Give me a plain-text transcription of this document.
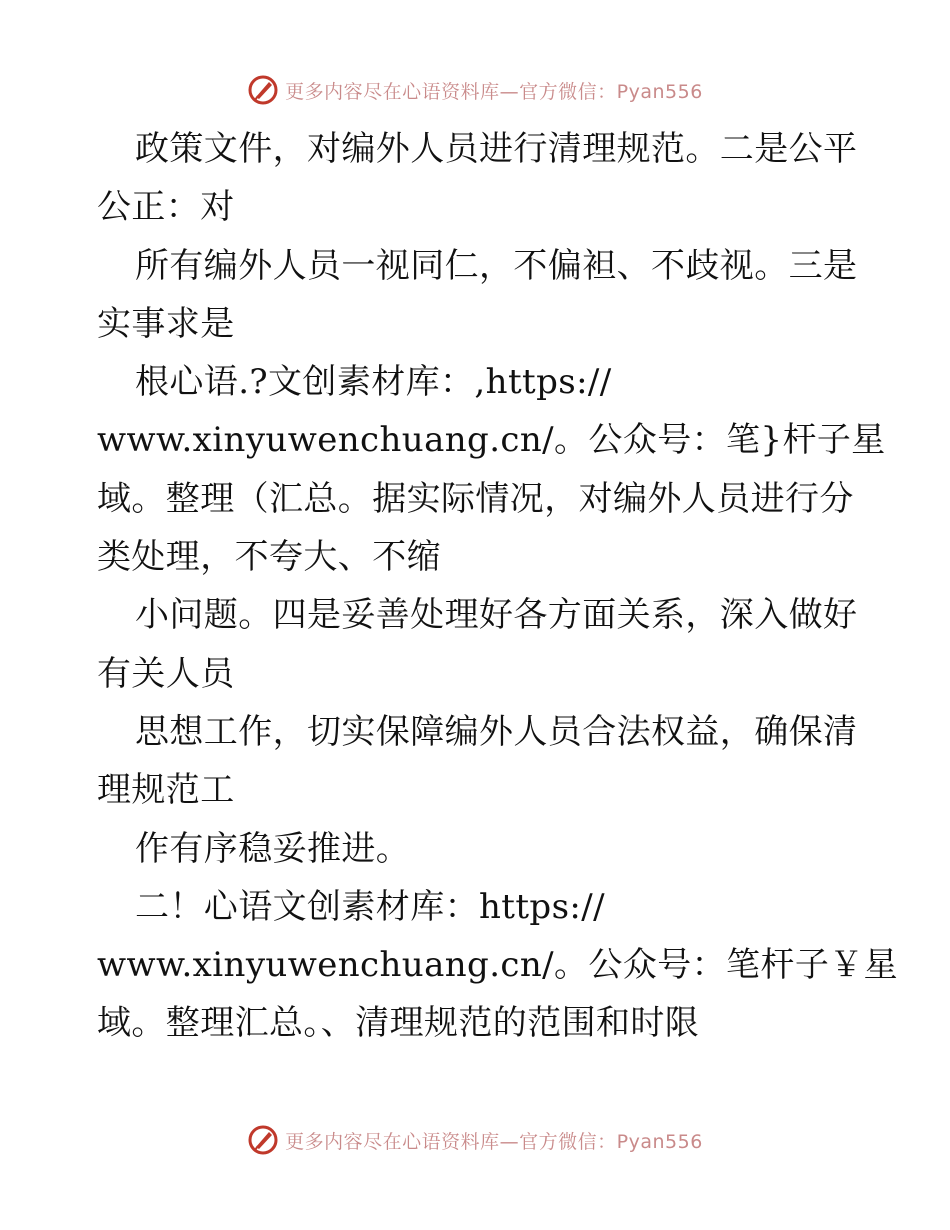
更多内容尽在心语资料库—官方微信：Pyan556
政策文件，对编外人员进行清理规范。二是公平
公正：对
所有编外人员一视同仁，不偏袒、不歧视。三是
实事求是
根心语.?文创素材库：,https://
www.xinyuwenchuang.cn/。公众号：笔}杆子星
域。整理（汇总。据实际情况，对编外人员进行分
类处理，不夸大、不缩
小问题。四是妥善处理好各方面关系，深入做好
有关人员
思想工作，切实保障编外人员合法权益，确保清
理规范工
作有序稳妥推进。
二！心语文创素材库：https://
www.xinyuwenchuang.cn/。公众号：笔杆子￥星
域。整理汇总。、清理规范的范围和时限
更多内容尽在心语资料库—官方微信：Pyan556
